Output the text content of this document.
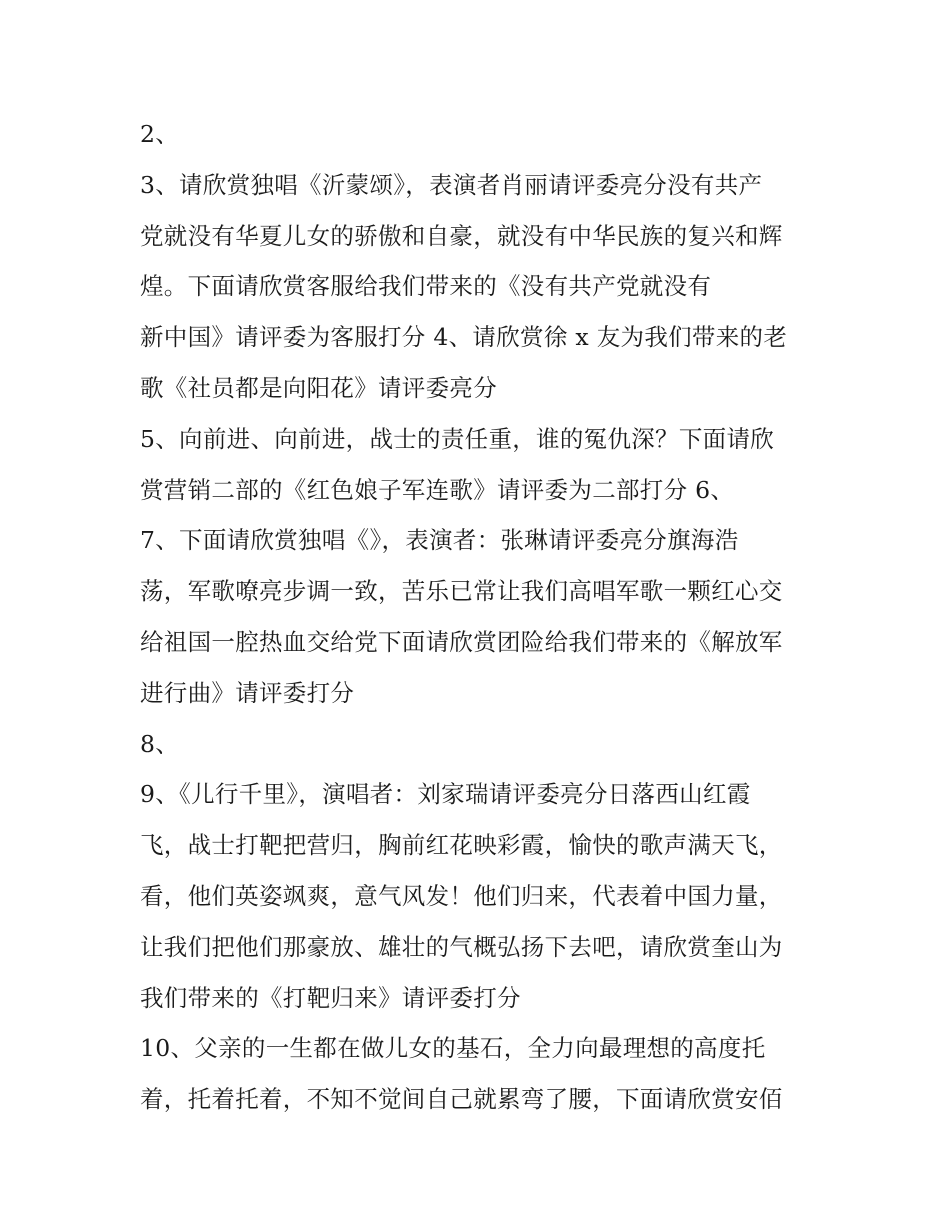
2、
3、请欣赏独唱《沂蒙颂》，表演者肖丽请评委亮分没有共产
党就没有华夏儿女的骄傲和自豪，就没有中华民族的复兴和辉
煌。下面请欣赏客服给我们带来的《没有共产党就没有
新中国》请评委为客服打分 4、请欣赏徐 x 友为我们带来的老
歌《社员都是向阳花》请评委亮分
5、向前进、向前进，战士的责任重，谁的冤仇深？下面请欣
赏营销二部的《红色娘子军连歌》请评委为二部打分 6、
7、下面请欣赏独唱《》，表演者：张琳请评委亮分旗海浩
荡，军歌嘹亮步调一致，苦乐已常让我们高唱军歌一颗红心交
给祖国一腔热血交给党下面请欣赏团险给我们带来的《解放军
进行曲》请评委打分
8、
9、《儿行千里》，演唱者：刘家瑞请评委亮分日落西山红霞
飞，战士打靶把营归，胸前红花映彩霞，愉快的歌声满天飞，
看，他们英姿飒爽，意气风发！他们归来，代表着中国力量，
让我们把他们那豪放、雄壮的气概弘扬下去吧，请欣赏奎山为
我们带来的《打靶归来》请评委打分
10、父亲的一生都在做儿女的基石，全力向最理想的高度托
着，托着托着，不知不觉间自己就累弯了腰，下面请欣赏安佰
